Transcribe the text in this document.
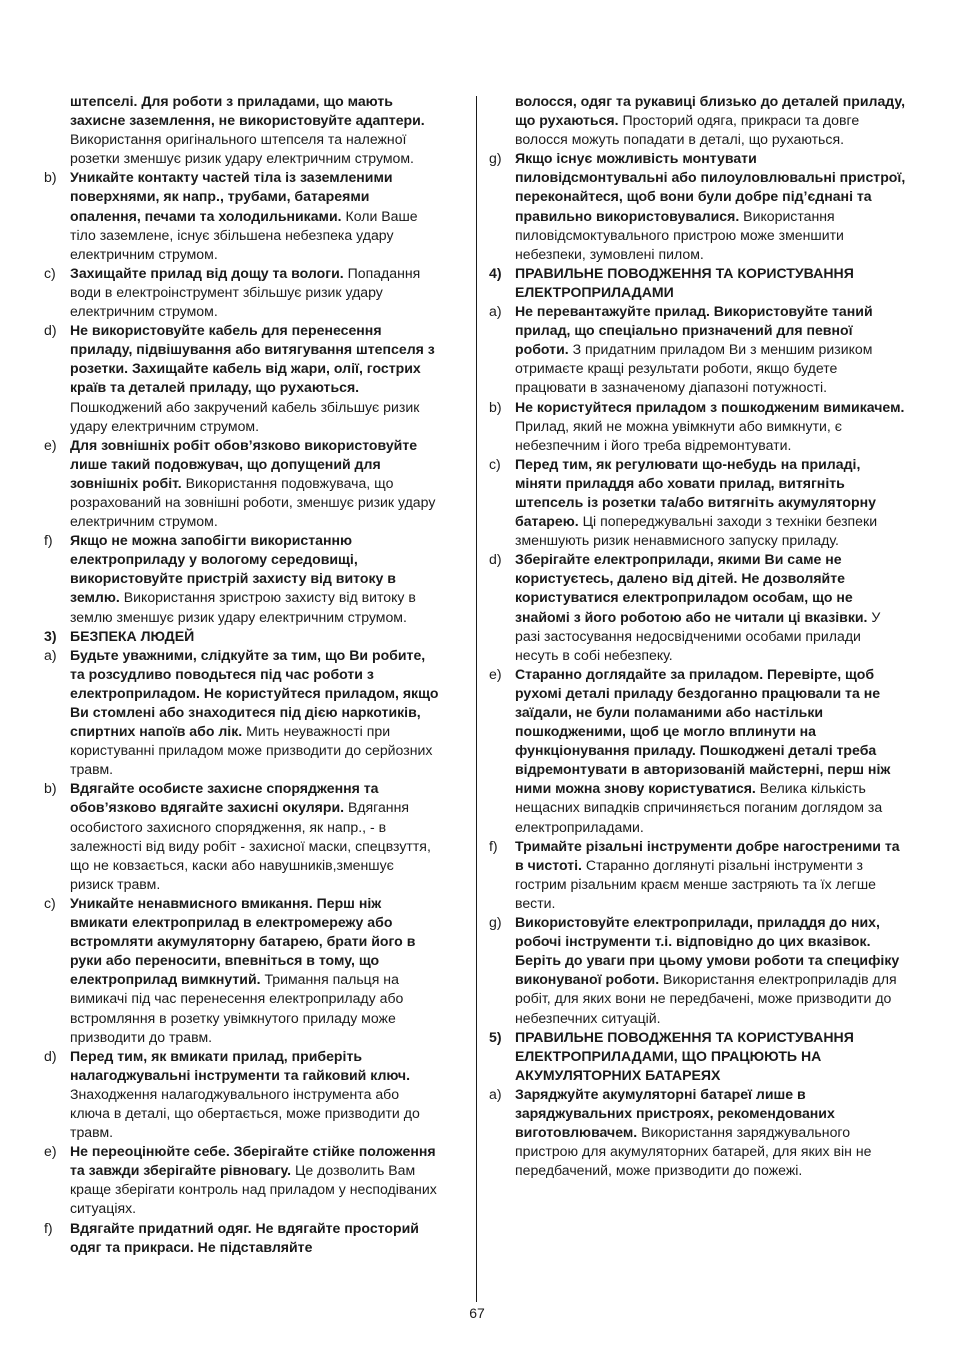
штепселі. Для роботи з приладами, що мають захисне заземлення, не використовуйте адаптери. Використання оригінального штепселя та належної розетки зменшує ризик удару електричним струмом.
b) Уникайте контакту частей тіла із заземленими поверхнями, як напр., трубами, батареями опалення, печами та холодильниками. Коли Ваше тіло заземлене, існує збільшена небезпека удару електричним струмом.
c) Захищайте прилад від дощу та вологи. Попадання води в електроінструмент збільшує ризик удару електричним струмом.
d) Не використовуйте кабель для перенесення приладу, підвішування або витягування штепселя з розетки. Захищайте кабель від жари, олії, гострих країв та деталей приладу, що рухаються. Пошкоджений або закручений кабель збільшує ризик удару електричним струмом.
e) Для зовнішніх робіт обов’язково використовуйте лише такий подовжувач, що допущений для зовнішніх робіт. Використання подовжувача, що розрахований на зовнішні роботи, зменшує ризик удару електричним струмом.
f) Якщо не можна запобігти використанню електроприладу у вологому середовищі, використовуйте пристрій захисту від витоку в землю. Використання зристрою захисту від витоку в землю зменшує ризик удару електричним струмом.
3) БЕЗПЕКА ЛЮДЕЙ
a) Будьте уважними, слідкуйте за тим, що Ви робите, та розсудливо поводьтеся під час роботи з електроприладом. Не користуйтеся приладом, якщо Ви стомлені або знаходитеся під дією наркотиків, спиртних напоїв або лік. Мить неуважності при користуванні приладом може призводити до серйозних травм.
b) Вдягайте особисте захисне спорядження та обов’язково вдягайте захисні окуляри. Вдягання особистого захисного спорядження, як напр., - в залежності від виду робіт - захисної маски, спецвзуття, що не ковзається, каски або навушників,зменшує ризиск травм.
c) Уникайте ненавмисного вмикання. Перш ніж вмикати електроприлад в електромережу або встромляти акумуляторну батарею, брати його в руки або переносити, впевніться в тому, що електроприлад вимкнутий. Тримання пальця на вимикачі під час перенесення електроприладу або встромляння в розетку увімкнутого приладу може призводити до травм.
d) Перед тим, як вмикати прилад, приберіть налагоджувальні інструменти та гайковий ключ. Знаходження налагоджувального інструмента або ключа в деталі, що обертається, може призводити до травм.
e) Не переоцінюйте себе. Зберігайте стійке положення та завжди зберігайте рівновагу. Це дозволить Вам краще зберігати контроль над приладом у несподіваних ситуаціях.
f) Вдягайте придатний одяг. Не вдягайте просторий одяг та прикраси. Не підставляйте
волосся, одяг та рукавиці близько до деталей приладу, що рухаються. Просторий одяга, прикраси та довге волосся можуть попадати в деталі, що рухаються.
g) Якщо існує можливість монтувати пиловідсмонтувальні або пилоуловлювальні пристрої, переконайтеся, щоб вони були добре під’єднані та правильно використовувалися. Використання пиловідсмоктувального пристрою може зменшити небезпеки, зумовлені пилом.
4) ПРАВИЛЬНЕ ПОВОДЖЕННЯ ТА КОРИСТУВАННЯ ЕЛЕКТРОПРИЛАДАМИ
a) Не перевантажуйте прилад. Використовуйте таний прилад, що спеціально призначений для певної роботи. З придатним приладом Ви з меншим ризиком отримаєте кращі результати роботи, якщо будете працювати в зазначеному діапазоні потужності.
b) Не користуйтеся приладом з пошкодженим вимикачем. Прилад, який не можна увімкнути або вимкнути, є небезпечним і його треба відремонтувати.
c) Перед тим, як регулювати що-небудь на приладі, міняти приладдя або ховати прилад, витягніть штепсель із розетки та/або витягніть акумуляторну батарею. Ці попереджувальні заходи з техніки безпеки зменшують ризик ненавмисного запуску приладу.
d) Зберігайте електроприлади, якими Ви саме не користуєтесь, далено від дітей. Не дозволяйте користуватися електроприладом особам, що не знайомі з його роботою або не читали ці вказівки. У разі застосування недосвідченими особами прилади несуть в собі небезпеку.
e) Старанно доглядайте за приладом. Перевірте, щоб рухомі деталі приладу бездоганно працювали та не заїдали, не були поламаними або настільки пошкодженими, щоб це могло вплинути на функціонування приладу. Пошкоджені деталі треба відремонтувати в авторизованій майстерні, перш ніж ними можна знову користуватися. Велика кількість нещасних випадків спричиняється поганим доглядом за електроприладами.
f) Тримайте різальні інструменти добре нагостреними та в чистоті. Старанно доглянуті різальні інструменти з гострим різальним краєм менше застряють та їх легше вести.
g) Використовуйте електроприлади, приладдя до них, робочі інструменти т.і. відповідно до цих вказівок. Беріть до уваги при цьому умови роботи та специфіку виконуваної роботи. Використання електроприладів для робіт, для яких вони не передбачені, може призводити до небезпечних ситуацій.
5) ПРАВИЛЬНЕ ПОВОДЖЕННЯ ТА КОРИСТУВАННЯ ЕЛЕКТРОПРИЛАДАМИ, ЩО ПРАЦЮЮТЬ НА АКУМУЛЯТОРНИХ БАТАРЕЯХ
a) Заряджуйте акумуляторні батареї лише в заряджувальних пристроях, рекомендованих виготовлювачем. Використання заряджувального пристрою для акумуляторних батарей, для яких він не передбачений, може призводити до пожежі.
67
